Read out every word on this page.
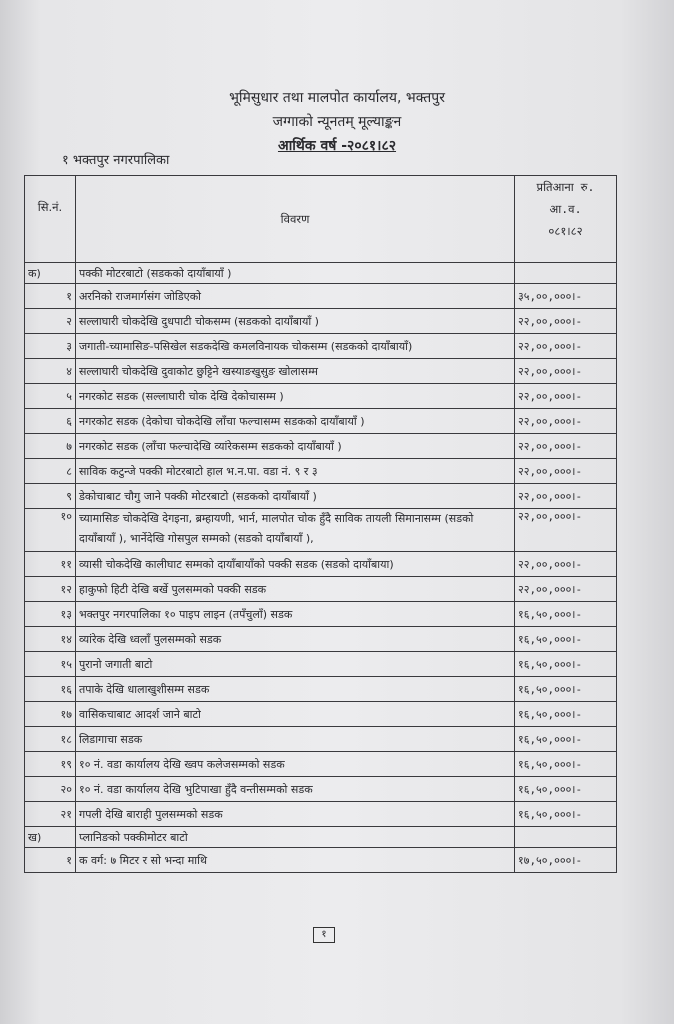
भूमिसुधार तथा मालपोत कार्यालय, भक्तपुर
जग्गाको न्यूनतम् मूल्याङ्कन
आर्थिक वर्ष -२०८१।८२
१ भक्तपुर नगरपालिका
सि.नं.	विवरण	प्रतिआना रु.
आ.व.
०८१।८२

क)	पक्की मोटरबाटो (सडकको दायाँबायाँ )	
१	अरनिको राजमार्गसंग जोडिएको	३५,००,०००।-
२	सल्लाघारी चोकदेखि दुधपाटी चोकसम्म (सडकको दायाँबायाँ )	२२,००,०००।-
३	जगाती-च्यामासिङ-पसिखेल सडकदेखि कमलविनायक चोकसम्म (सडकको दायाँबायाँ)	२२,००,०००।-
४	सल्लाघारी चोकदेखि दुवाकोट छुट्टिने खस्याङखुसुङ खोलासम्म	२२,००,०००।-
५	नगरकोट सडक (सल्लाघारी चोक देखि देकोचासम्म )	२२,००,०००।-
६	नगरकोट सडक (देकोचा चोकदेखि लाँचा फल्चासम्म सडकको दायाँबायाँ )	२२,००,०००।-
७	नगरकोट सडक (लाँचा फल्चादेखि व्यांरेकसम्म सडकको दायाँबायाँ )	२२,००,०००।-
८	साविक कटुन्जे पक्की मोटरबाटो हाल भ.न.पा. वडा नं. ९ र ३	२२,००,०००।-
९	डेकोचाबाट चौगु जाने पक्की मोटरबाटो (सडकको दायाँबायाँ )	२२,००,०००।-
१०	च्यामासिङ चोकदेखि देगइना, ब्रम्हायणी, भार्न, मालपोत चोक हुँदै साविक तायली सिमानासम्म (सडको दायाँबायाँ ), भार्नेदेखि गोसपुल सम्मको (सडको दायाँबायाँ ),	२२,००,०००।-
११	व्यासी चोकदेखि कालीघाट सम्मको दायाँबायाँको पक्की सडक (सडको दायाँबाया)	२२,००,०००।-
१२	हाकुफो हिटी देखि बर्खे पुलसम्मको पक्की सडक	२२,००,०००।-
१३	भक्तपुर नगरपालिका १० पाइप लाइन (तपँचुलाँ) सडक	१६,५०,०००।-
१४	व्यांरेक देखि ध्वलाँ पुलसम्मको सडक	१६,५०,०००।-
१५	पुरानो जगाती बाटो	१६,५०,०००।-
१६	तपाके देखि धालाखुशीसम्म सडक	१६,५०,०००।-
१७	वासिकचाबाट आदर्श जाने बाटो	१६,५०,०००।-
१८	लिडागाचा सडक	१६,५०,०००।-
१९	१० नं. वडा कार्यालय देखि ख्वप कलेजसम्मको सडक	१६,५०,०००।-
२०	१० नं. वडा कार्यालय देखि भुटिपाखा हुँदै वन्तीसम्मको सडक	१६,५०,०००।-
२१	गपली देखि बाराही पुलसम्मको सडक	१६,५०,०००।-
ख)	प्लानिङको पक्कीमोटर बाटो	
१	क वर्ग: ७ मिटर र सो भन्दा माथि	१७,५०,०००।-
१
